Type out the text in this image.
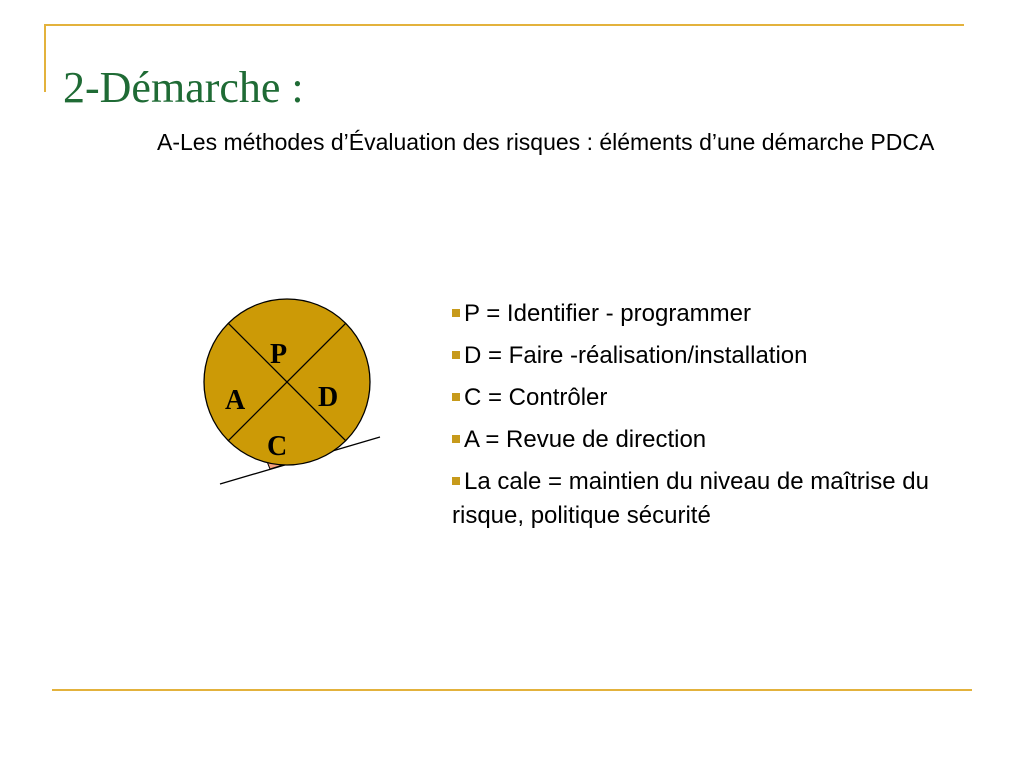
2-Démarche :

A-Les méthodes d’Évaluation des risques : éléments d’une démarche PDCA

P
D
A
C
P = Identifier - programmer
D = Faire -réalisation/installation
C = Contrôler
A = Revue de direction
La cale = maintien du niveau de maîtrise du risque, politique sécurité
